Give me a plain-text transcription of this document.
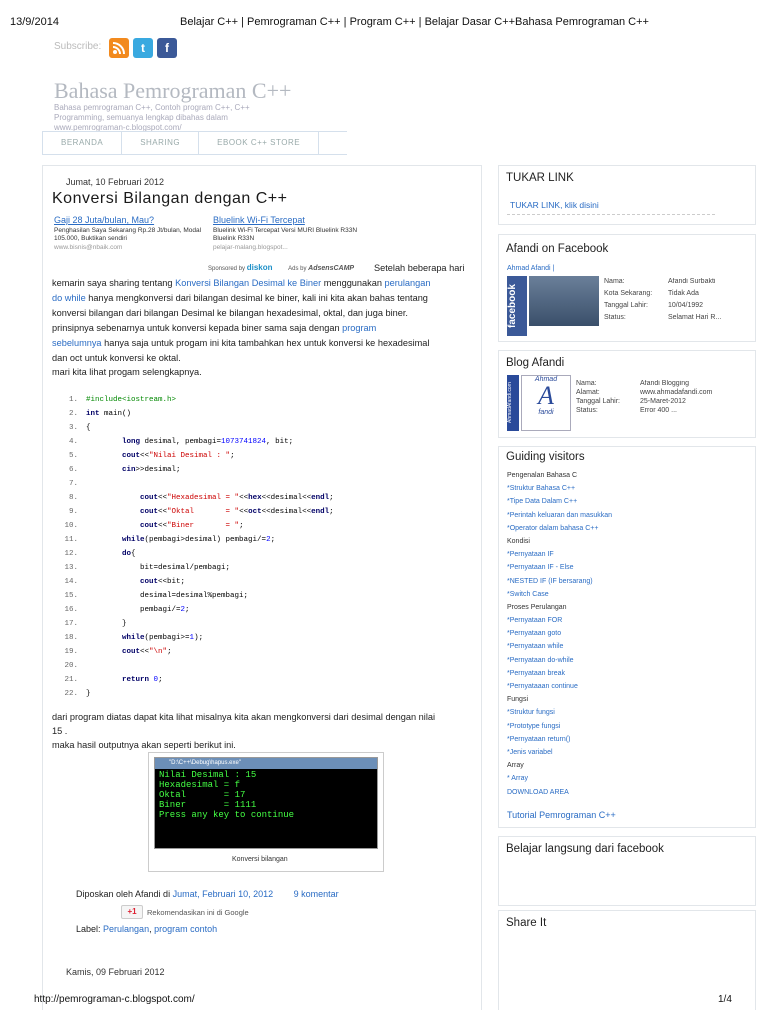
13/9/2014	Belajar C++ | Pemrograman C++ | Program C++ | Belajar Dasar C++Bahasa Pemrograman C++
Subscribe:	t	f
Bahasa Pemrograman C++
Bahasa pemrograman C++, Contoh program C++, C++ Programming, semuanya lengkap dibahas dalam www.pemrograman-c.blogspot.com/
BERANDA	SHARING	EBOOK C++ STORE
Jumat, 10 Februari 2012
Konversi Bilangan dengan C++
Gaji 28 Juta/bulan, Mau?
Penghasilan Saya Sekarang Rp.28 Jt/bulan, Modal 105.000, Buktikan sendiri
www.bisnis@nbaik.com
Bluelink Wi-Fi Tercepat
Bluelink Wi-Fi Tercepat Versi MURI Bluelink R33N Bluelink R33N
pelajar-malang.blogspot...
Sponsored by diskon	Ads by AdsensCAMP Setelah beberapa hari
kemarin saya sharing tentang Konversi Bilangan Desimal ke Biner menggunakan perulangan
do while hanya mengkonversi dari bilangan desimal ke biner, kali ini kita akan bahas tentang
konversi bilangan dari bilangan Desimal ke bilangan hexadesimal, oktal, dan juga biner.
prinsipnya sebenarnya untuk konversi kepada biner sama saja dengan program
sebelumnya hanya saja untuk progam ini kita tambahkan hex untuk konversi ke hexadesimal
dan oct untuk konversi ke oktal.
mari kita lihat progam selengkapnya.
1. #include<iostream.h>
2. int main()
3. {
4.	long desimal, pembagi=1073741824, bit;
5.	cout<<"Nilai Desimal : ";
6.	cin>>desimal;
7.
8.	cout<<"Hexadesimal = "<<hex<<desimal<<endl;
9.	cout<<"Oktal       = "<<oct<<desimal<<endl;
10.	cout<<"Biner       = ";
11.	while(pembagi>desimal) pembagi/=2;
12.	do{
13. bit=desimal/pembagi;
14.	cout<<bit;
15. desimal=desimal%pembagi;
16. pembagi/=2;
17. }
18.	while(pembagi>=1);
19.	cout<<"\n";
20.
21.	return 0;
22. }
dari program diatas dapat kita lihat misalnya kita akan mengkonversi dari desimal dengan nilai
15 .
maka hasil outputnya akan seperti berikut ini.
"D:\C++\Debug\hapus.exe"
Nilai Desimal : 15
Hexadesimal = f
Oktal       = 17
Biner       = 1111
Press any key to continue
Konversi bilangan
Diposkan oleh Afandi di Jumat, Februari 10, 2012 9 komentar
+1	Rekomendasikan ini di Google
Label: Perulangan, program contoh
Kamis, 09 Februari 2012
TUKAR LINK
TUKAR LINK, klik disini
Afandi on Facebook
Ahmad Afandi |
facebook
Nama:	Afandi Surbakti
Kota Sekarang:	Tidak Ada
Tanggal Lahir:	10/04/1992
Status:	Selamat Hari R...
Blog Afandi
AhmadAfandi.com
Ahmad
A
fandi
Nama:	Afandi Blogging
Alamat:	www.ahmadafandi.com
Tanggal Lahir:	25-Maret-2012
Status:	Error 400 ...
Guiding visitors
Pengenalan Bahasa C
*Struktur Bahasa C++
*Tipe Data Dalam C++
*Perintah keluaran dan masukkan
*Operator dalam bahasa C++
Kondisi
*Pernyataan IF
*Pernyataan IF - Else
*NESTED IF (IF bersarang)
*Switch Case
Proses Perulangan
*Pernyataan FOR
*Pernyataan goto
*Pernyataan while
*Pernyataan do-while
*Pernyataan break
*Pernyataaan continue
Fungsi
*Struktur fungsi
*Prototype fungsi
*Pernyataan return()
*Jenis variabel
Array
* Array
DOWNLOAD AREA
Tutorial Pemrograman C++
Belajar langsung dari facebook
Share It
http://pemrograman-c.blogspot.com/	1/4
